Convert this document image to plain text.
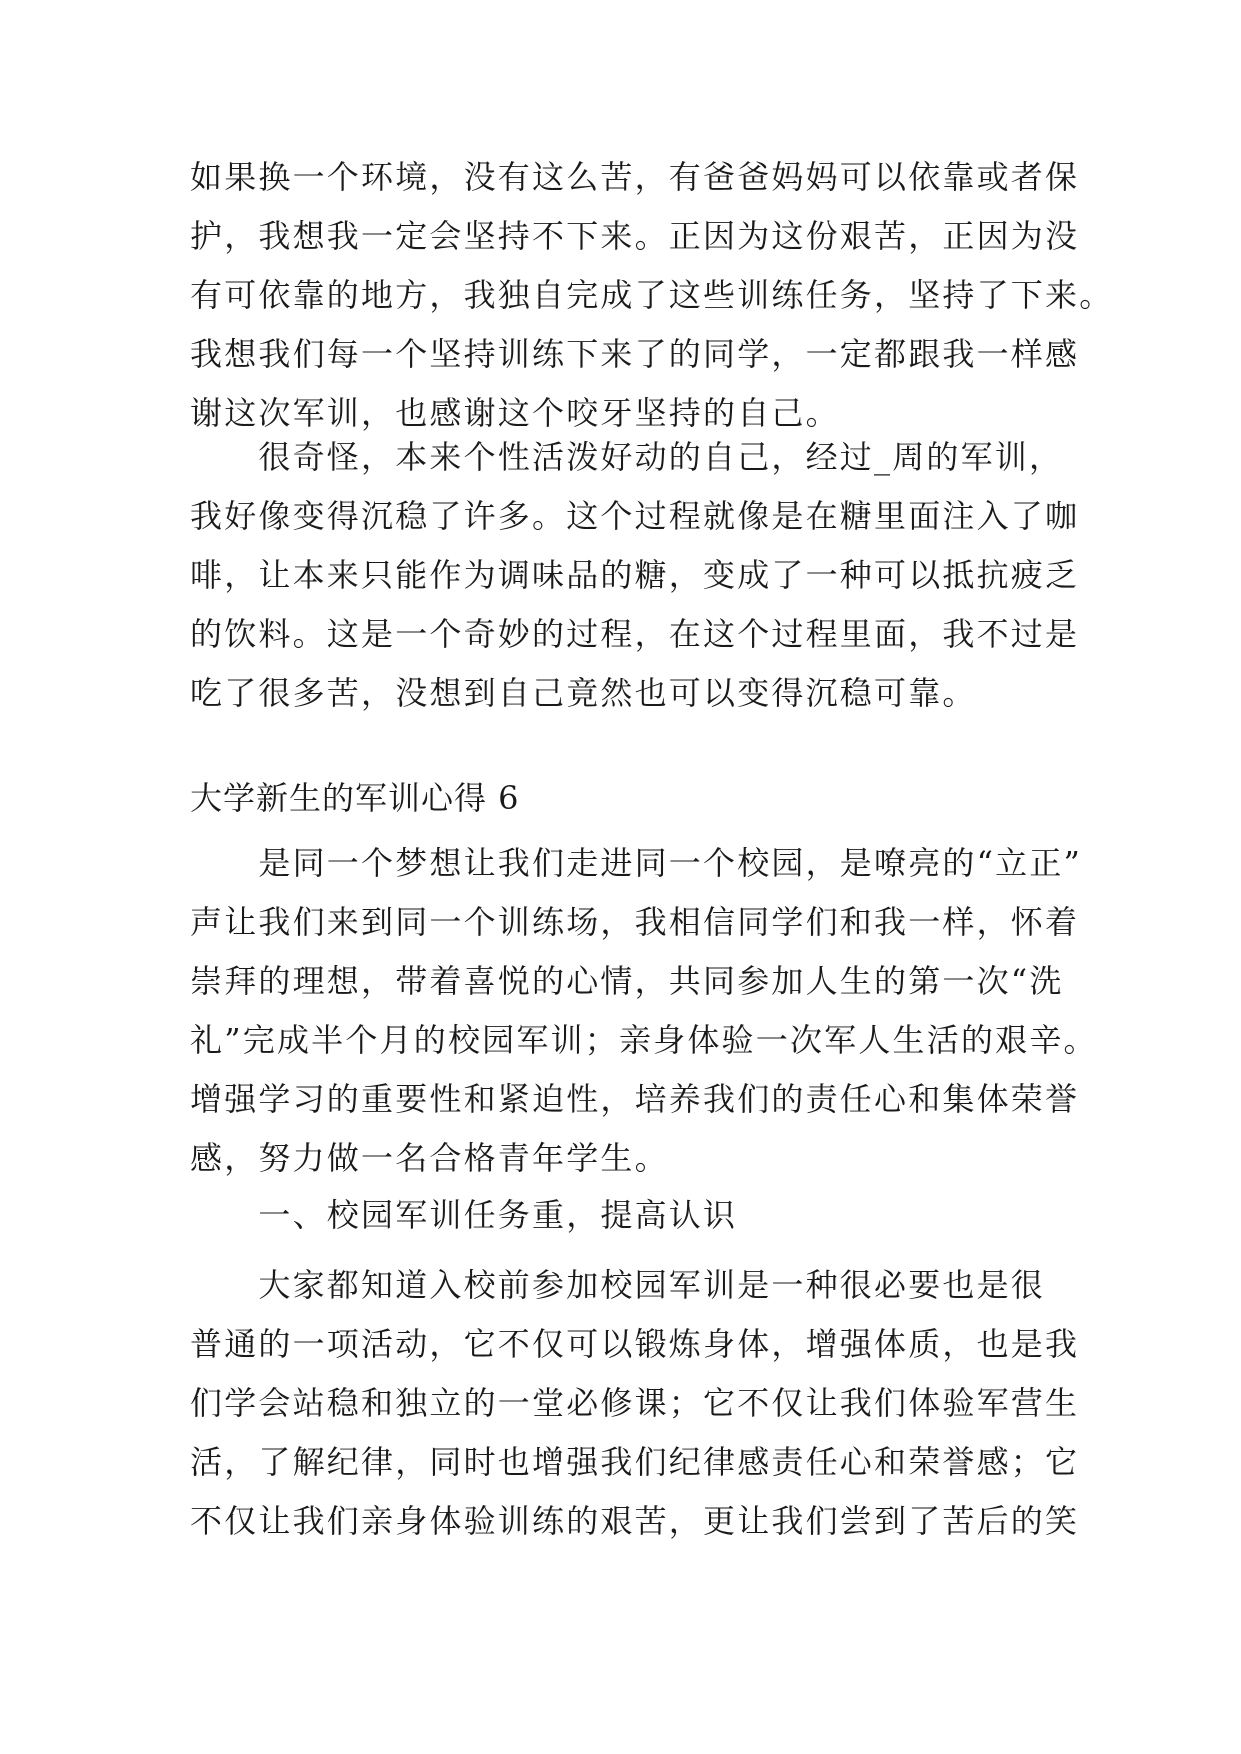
如果换一个环境，没有这么苦，有爸爸妈妈可以依靠或者保
护，我想我一定会坚持不下来。正因为这份艰苦，正因为没
有可依靠的地方，我独自完成了这些训练任务，坚持了下来。
我想我们每一个坚持训练下来了的同学，一定都跟我一样感
谢这次军训，也感谢这个咬牙坚持的自己。
　　很奇怪，本来个性活泼好动的自己，经过_周的军训，
我好像变得沉稳了许多。这个过程就像是在糖里面注入了咖
啡，让本来只能作为调味品的糖，变成了一种可以抵抗疲乏
的饮料。这是一个奇妙的过程，在这个过程里面，我不过是
吃了很多苦，没想到自己竟然也可以变得沉稳可靠。
大学新生的军训心得 6
　　是同一个梦想让我们走进同一个校园，是嘹亮的“立正”
声让我们来到同一个训练场，我相信同学们和我一样，怀着
崇拜的理想，带着喜悦的心情，共同参加人生的第一次“洗
礼”完成半个月的校园军训；亲身体验一次军人生活的艰辛。
增强学习的重要性和紧迫性，培养我们的责任心和集体荣誉
感，努力做一名合格青年学生。
　　一、校园军训任务重，提高认识
　　大家都知道入校前参加校园军训是一种很必要也是很
普通的一项活动，它不仅可以锻炼身体，增强体质，也是我
们学会站稳和独立的一堂必修课；它不仅让我们体验军营生
活，了解纪律，同时也增强我们纪律感责任心和荣誉感；它
不仅让我们亲身体验训练的艰苦，更让我们尝到了苦后的笑
